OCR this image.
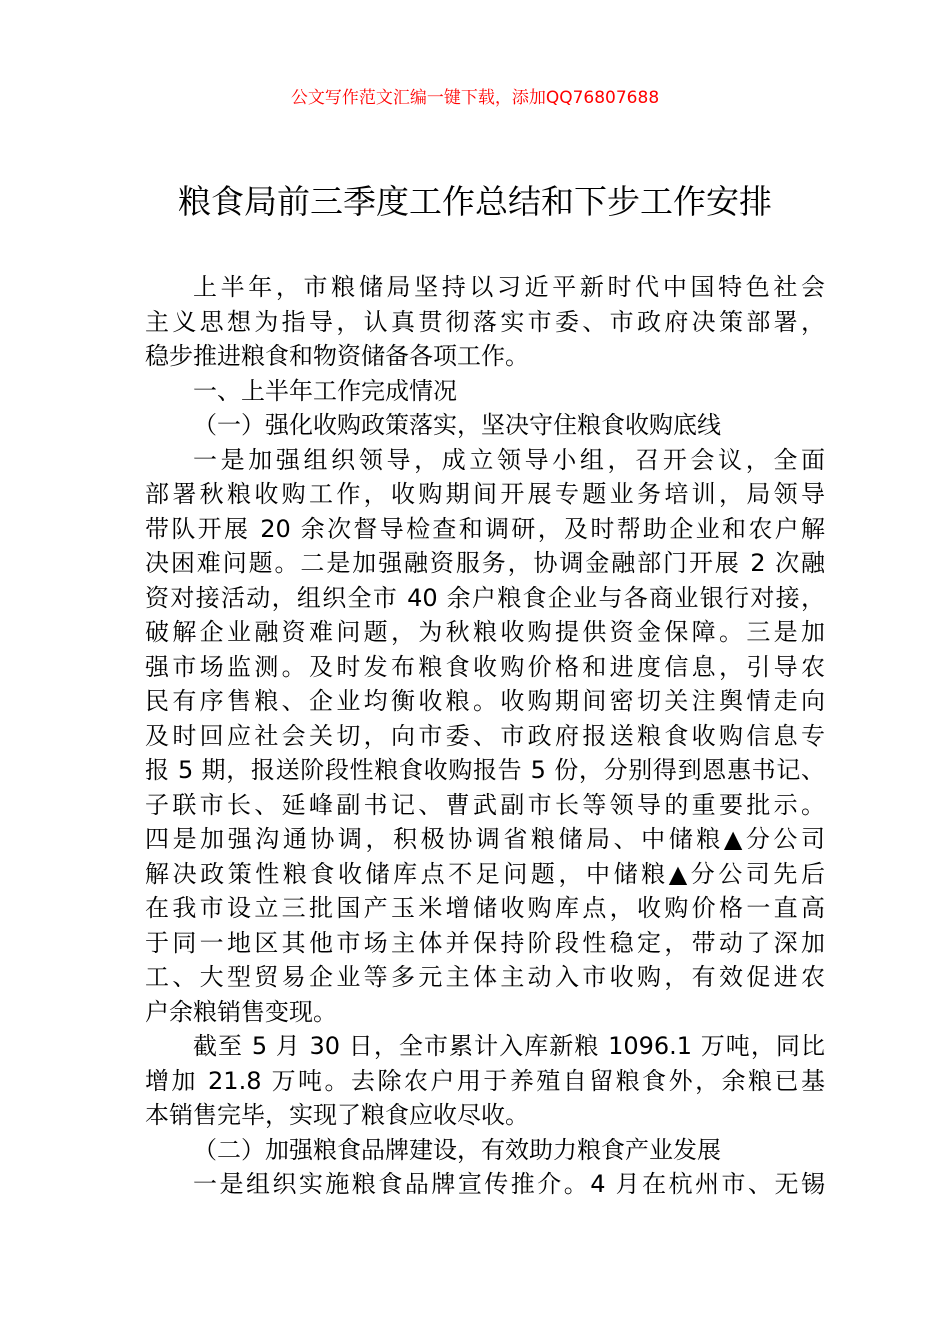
公文写作范文汇编一键下载，添加QQ76807688
粮食局前三季度工作总结和下步工作安排
上半年，市粮储局坚持以习近平新时代中国特色社会
主义思想为指导，认真贯彻落实市委、市政府决策部署，
稳步推进粮食和物资储备各项工作。
一、上半年工作完成情况
（一）强化收购政策落实，坚决守住粮食收购底线
一是加强组织领导，成立领导小组，召开会议，全面
部署秋粮收购工作，收购期间开展专题业务培训，局领导
带队开展 20 余次督导检查和调研，及时帮助企业和农户解
决困难问题。二是加强融资服务，协调金融部门开展 2 次融
资对接活动，组织全市 40 余户粮食企业与各商业银行对接，
破解企业融资难问题，为秋粮收购提供资金保障。三是加
强市场监测。及时发布粮食收购价格和进度信息，引导农
民有序售粮、企业均衡收粮。收购期间密切关注舆情走向
及时回应社会关切，向市委、市政府报送粮食收购信息专
报 5 期，报送阶段性粮食收购报告 5 份，分别得到恩惠书记、
子联市长、延峰副书记、曹武副市长等领导的重要批示。
四是加强沟通协调，积极协调省粮储局、中储粮▲分公司
解决政策性粮食收储库点不足问题，中储粮▲分公司先后
在我市设立三批国产玉米增储收购库点，收购价格一直高
于同一地区其他市场主体并保持阶段性稳定，带动了深加
工、大型贸易企业等多元主体主动入市收购，有效促进农
户余粮销售变现。
截至 5 月 30 日，全市累计入库新粮 1096.1 万吨，同比
增加 21.8 万吨。去除农户用于养殖自留粮食外，余粮已基
本销售完毕，实现了粮食应收尽收。
（二）加强粮食品牌建设，有效助力粮食产业发展
一是组织实施粮食品牌宣传推介。4 月在杭州市、无锡
